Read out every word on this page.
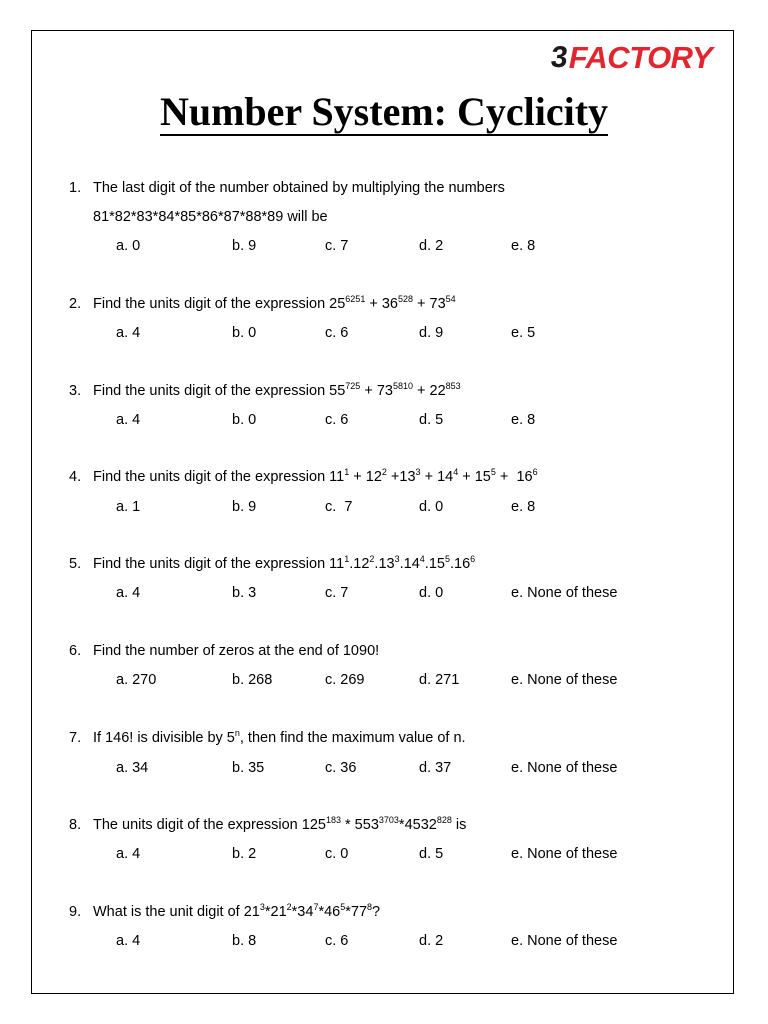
3 FACTORY
Number System: Cyclicity
1. The last digit of the number obtained by multiplying the numbers
81*82*83*84*85*86*87*88*89 will be
a. 0	b. 9	c. 7	d. 2	e. 8
2. Find the units digit of the expression $25^{6251} + 36^{528} + 73^{54}$
a. 4	b. 0	c. 6	d. 9	e. 5
3. Find the units digit of the expression $55^{725} + 73^{5810} + 22^{853}$
a. 4	b. 0	c. 6	d. 5	e. 8
4. Find the units digit of the expression $11^1 + 12^2 +13^3 + 14^4 + 15^5 + 16^6$
a. 1	b. 9	c.  7	d. 0	e. 8
5. Find the units digit of the expression $11^1.12^2.13^3.14^4.15^5.16^6$
a. 4	b. 3	c. 7	d. 0	e. None of these
6. Find the number of zeros at the end of 1090!
a. 270	b. 268	c. 269	d. 271	e. None of these
7. If 146! is divisible by 5$^n$, then find the maximum value of n.
a. 34	b. 35	c. 36	d. 37	e. None of these
8. The units digit of the expression $125^{183} * 553^{3703}*4532^{828}$ is
a. 4	b. 2	c. 0	d. 5	e. None of these
9. What is the unit digit of $21^3*21^2*34^7*46^5*77^8$?
a. 4	b. 8	c. 6	d. 2	e. None of these
